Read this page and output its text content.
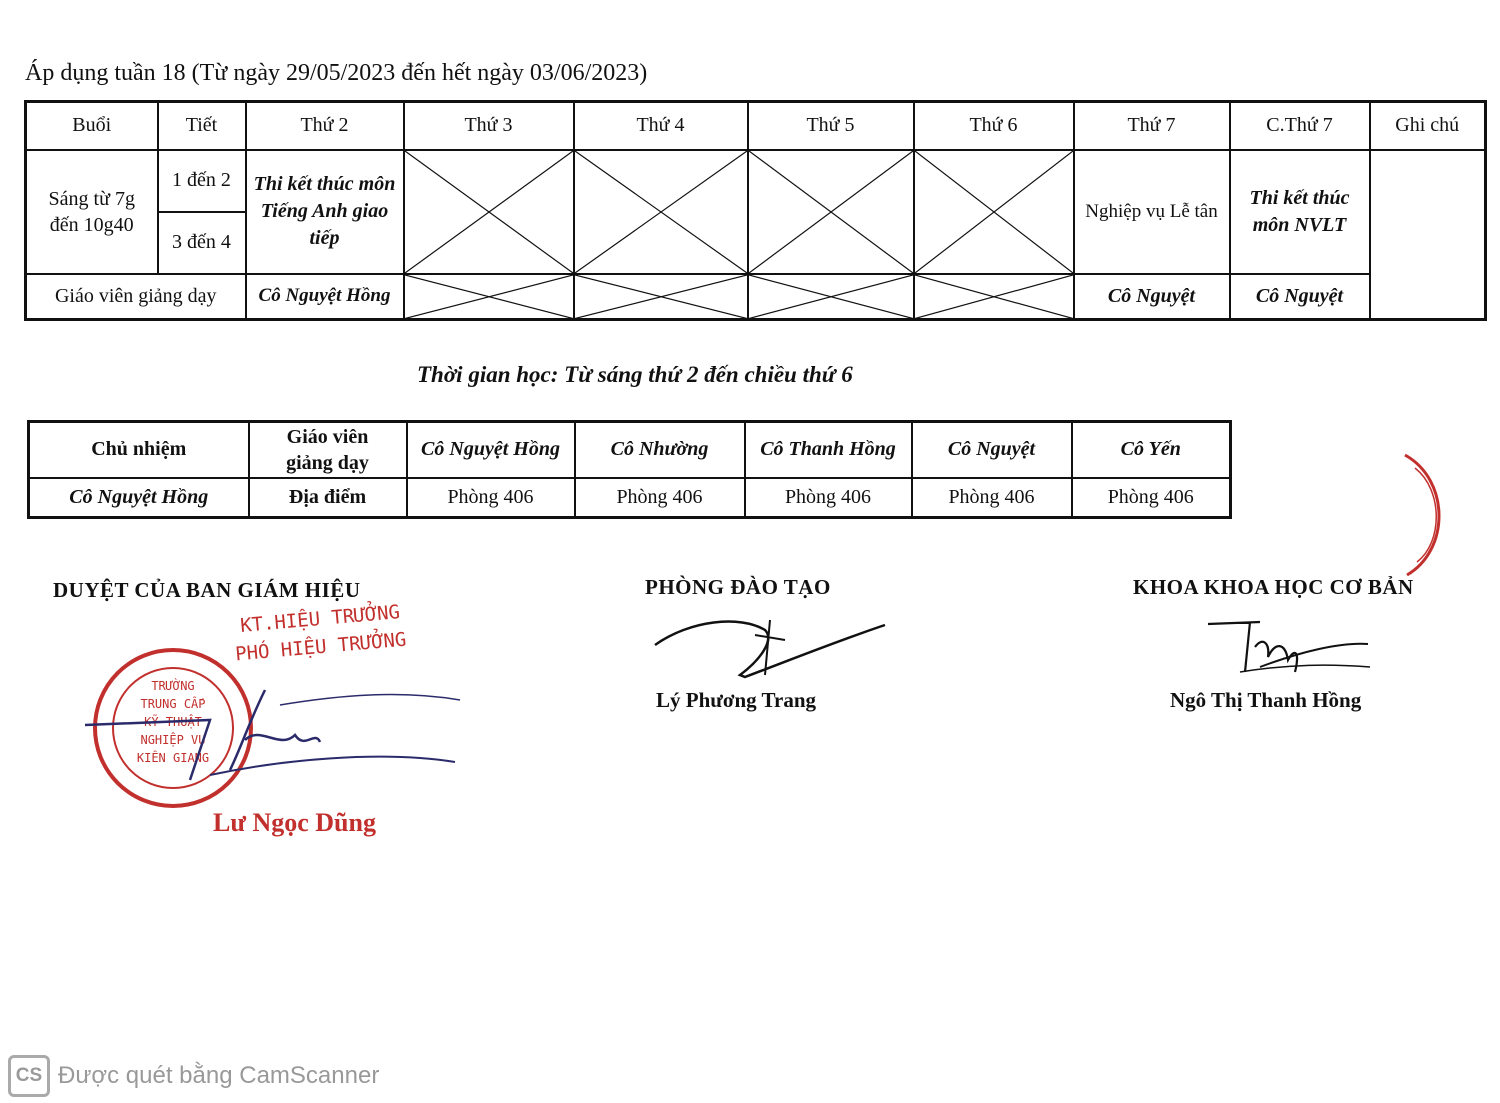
Áp dụng tuần 18 (Từ ngày 29/05/2023 đến hết ngày 03/06/2023)
Buổi	Tiết	Thứ 2	Thứ 3	Thứ 4	Thứ 5	Thứ 6	Thứ 7	C.Thứ 7	Ghi chú
Sáng từ 7g đến 10g40	1 đến 2	Thi kết thúc môn Tiếng Anh giao tiếp					Nghiệp vụ Lễ tân	Thi kết thúc môn NVLT	
	3 đến 4								
Giáo viên giảng dạy		Cô Nguyệt Hồng					Cô Nguyệt	Cô Nguyệt	
Thời gian học: Từ sáng thứ 2 đến chiều thứ 6
Chủ nhiệm	Giáo viên giảng dạy	Cô Nguyệt Hồng	Cô Nhường	Cô Thanh Hồng	Cô Nguyệt	Cô Yến
Cô Nguyệt Hồng	Địa điểm	Phòng 406	Phòng 406	Phòng 406	Phòng 406	Phòng 406
DUYỆT CỦA BAN GIÁM HIỆU
KT.HIỆU TRƯỞNG
PHÓ HIỆU TRƯỞNG
TRƯỜNG
TRUNG CẤP
KỸ THUẬT
NGHIỆP VỤ
KIÊN GIANG
Lư Ngọc Dũng
PHÒNG ĐÀO TẠO
Lý Phương Trang
KHOA KHOA HỌC CƠ BẢN
Ngô Thị Thanh Hồng
CS Được quét bằng CamScanner
